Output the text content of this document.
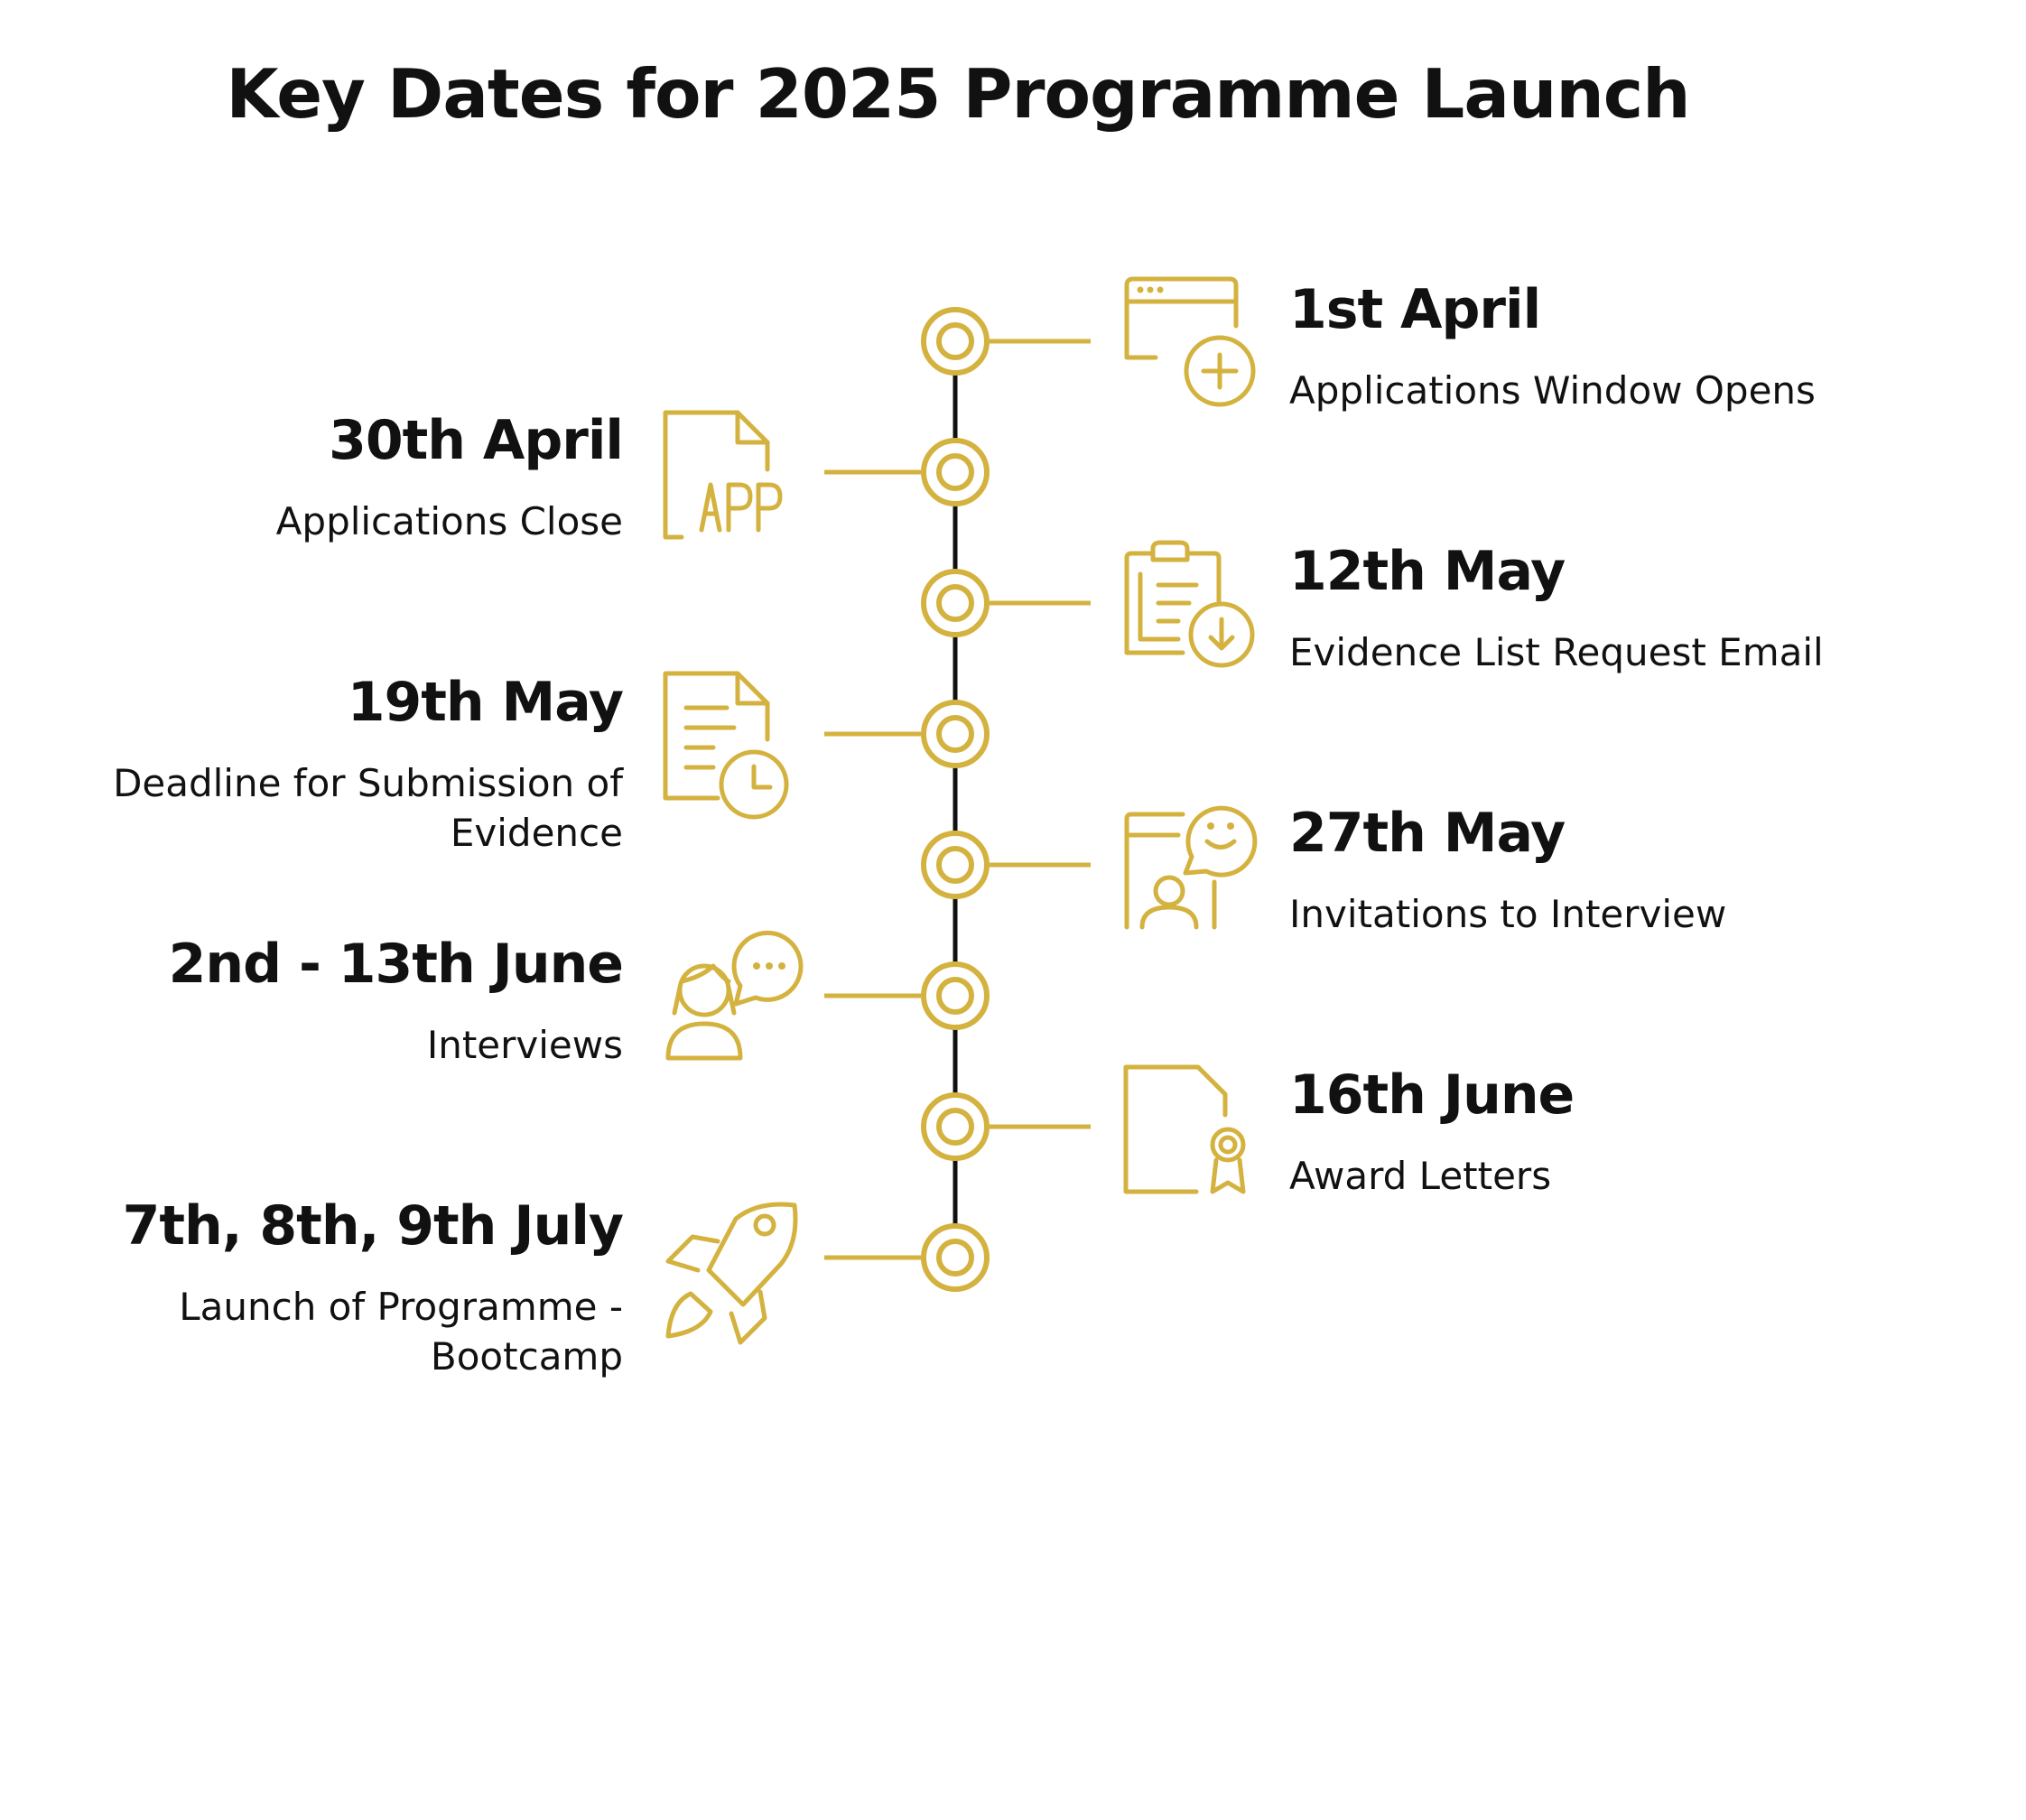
Key Dates for 2025 Programme Launch
1st April
Applications Window Opens
30th April
Applications Close
12th May
Evidence List Request Email
19th May
Deadline for Submission of Evidence	27th May
Invitations to Interview
2nd - 13th June
Interviews
16th June
Award Letters
7th, 8th, 9th July
Launch of Programme - Bootcamp
